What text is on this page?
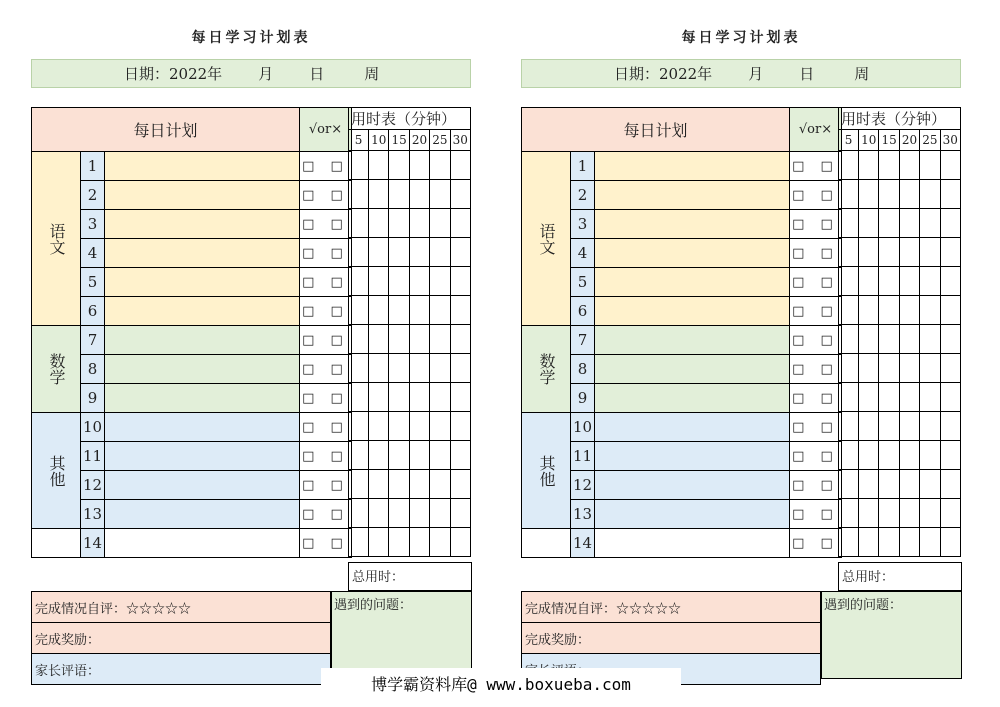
每日学习计划表
日期：2022年 月 日	周
每日计划			√or×
语文	1		□ □
	2		□ □
	3		□ □
	4		□ □
	5		□ □
	6		□ □
数学	7		□ □
	8		□ □
	9		□ □
其他	10		□ □
	11		□ □
	12		□ □
	13		□ □
	14		□ □
用时表（分钟）					
5	10	15	20	25	30

总用时：
完成情况自评：☆☆☆☆☆
完成奖励：
家长评语：
遇到的问题：
每日学习计划表
日期：2022年 月 日	周
每日计划			√or×
语文	1		□ □
	2		□ □
	3		□ □
	4		□ □
	5		□ □
	6		□ □
数学	7		□ □
	8		□ □
	9		□ □
其他	10		□ □
	11		□ □
	12		□ □
	13		□ □
	14		□ □
用时表（分钟）					
5	10	15	20	25	30

总用时：
完成情况自评：☆☆☆☆☆
完成奖励：

遇到的问题：
博学霸资料库@ www.boxueba.com
